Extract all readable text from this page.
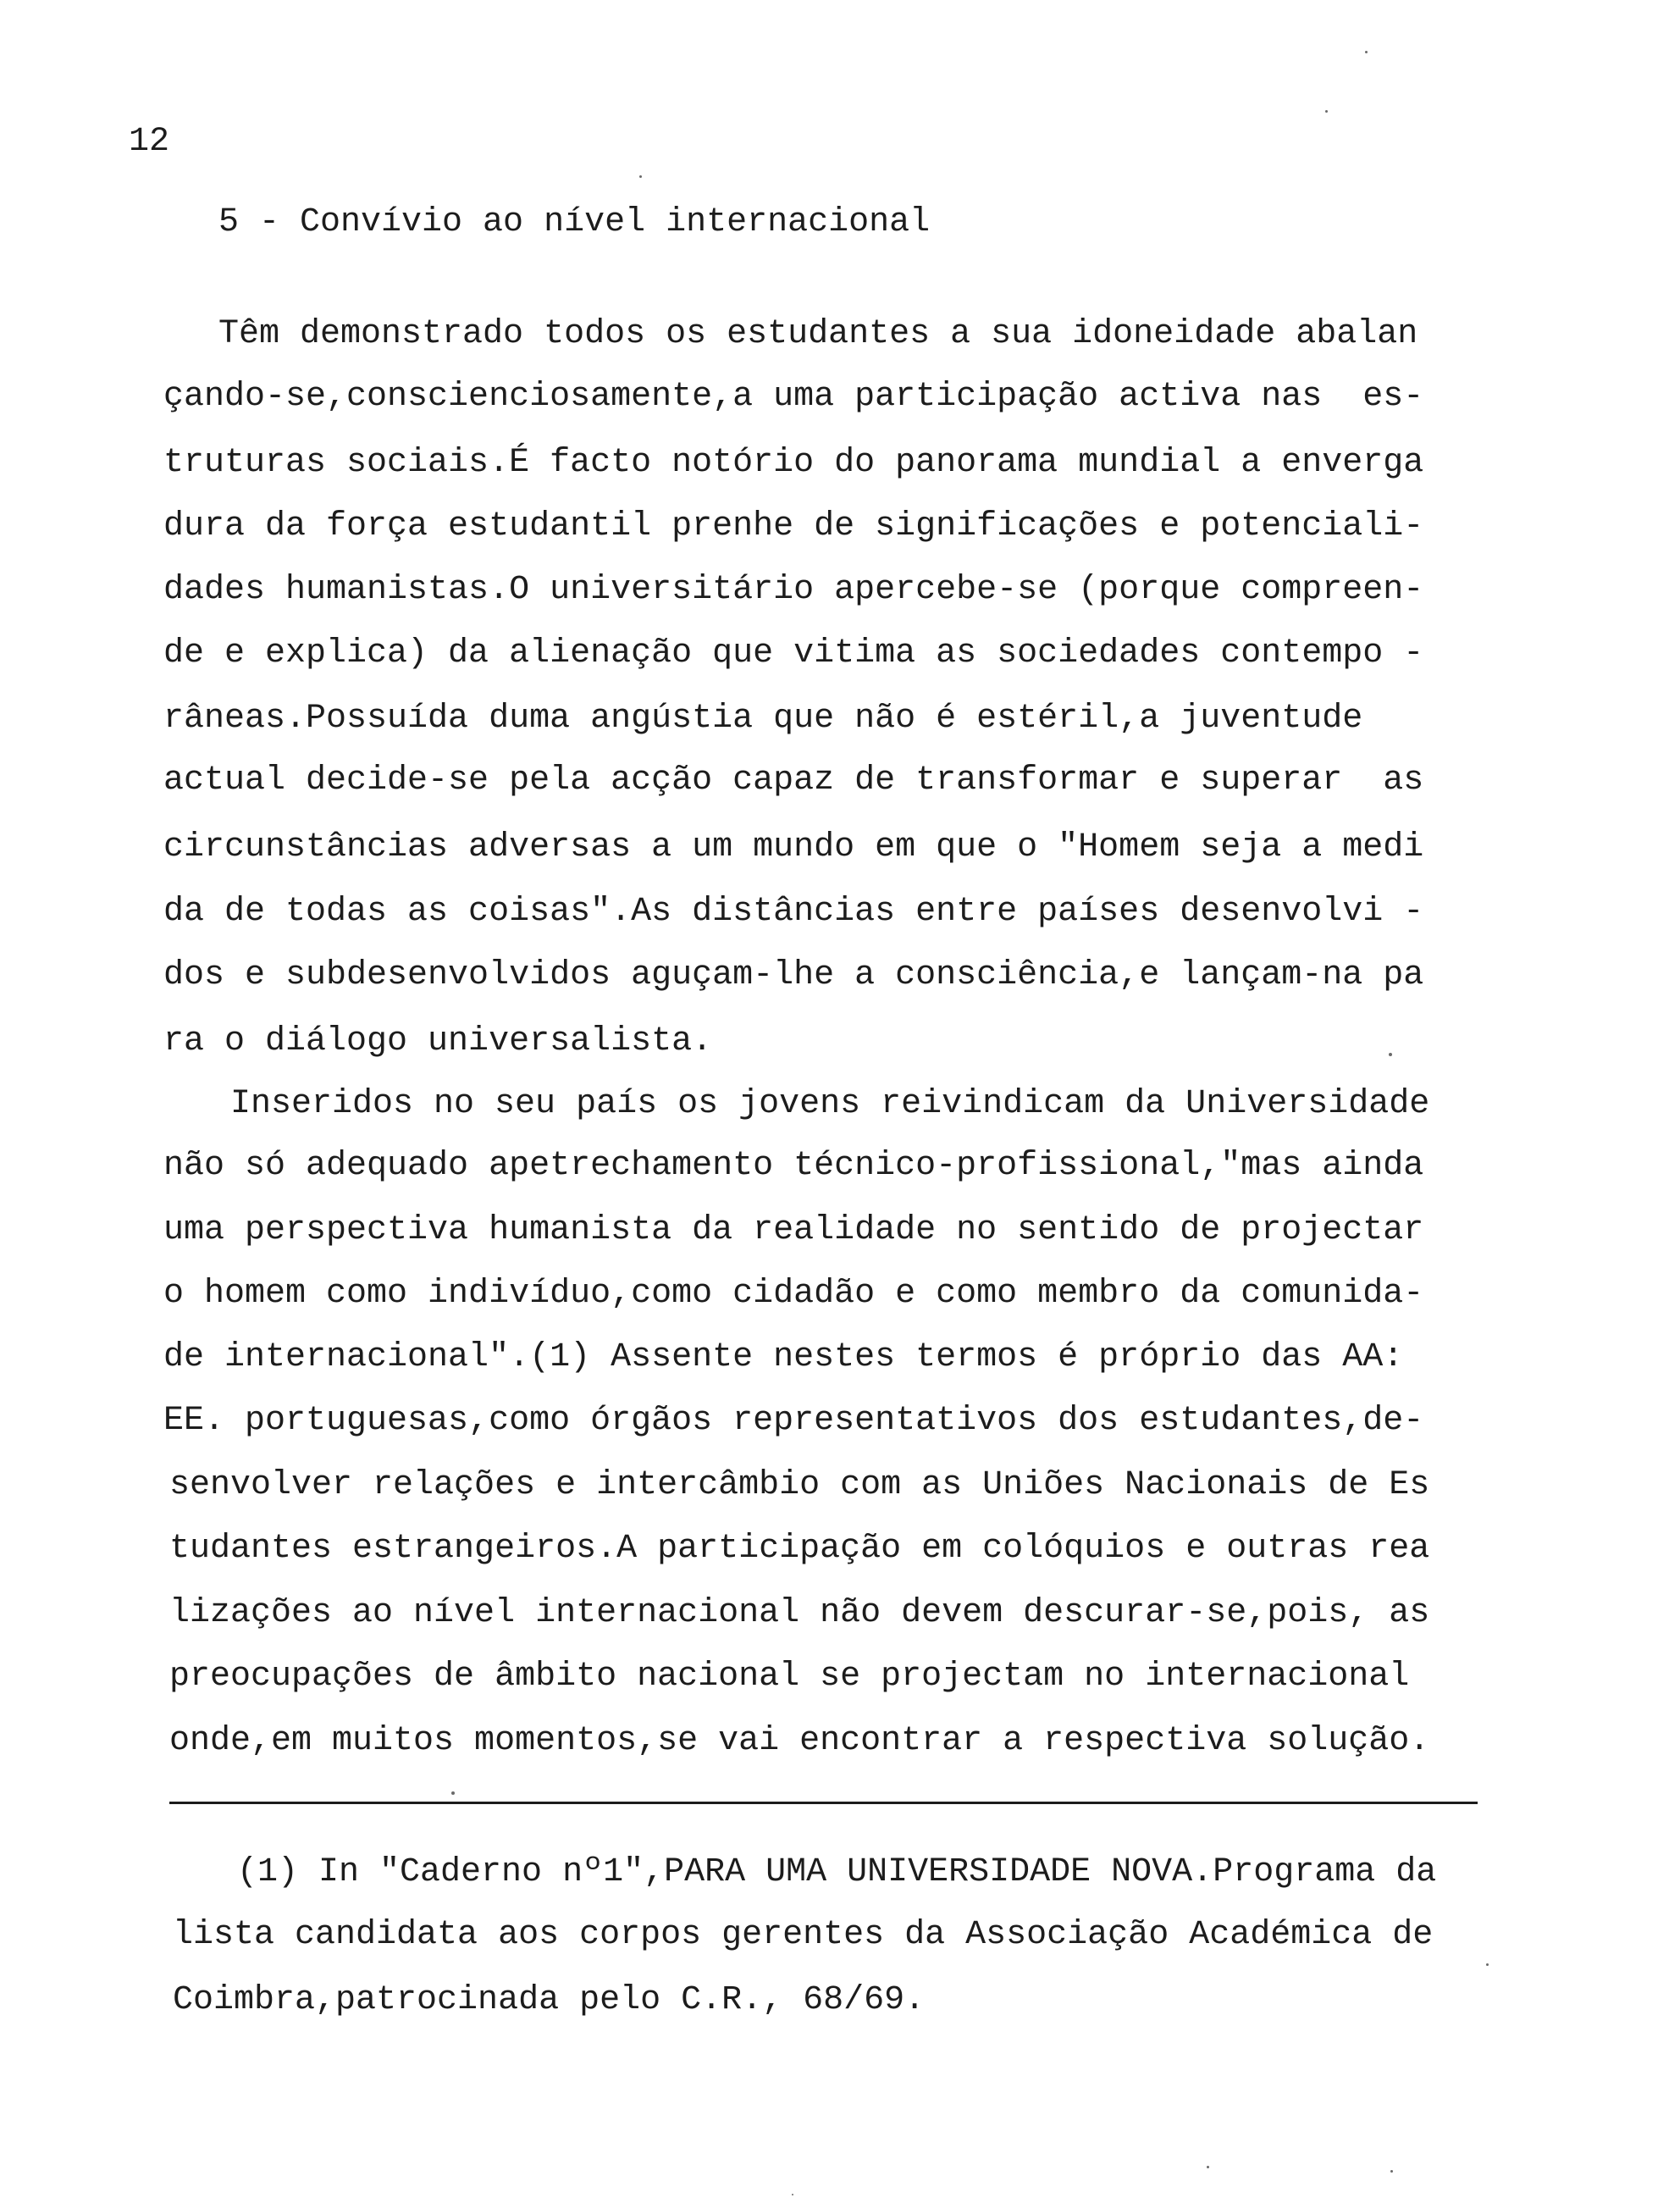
12
5 - Convívio ao nível internacional
Têm demonstrado todos os estudantes a sua idoneidade abalan
çando-se,conscienciosamente,a uma participação activa nas  es-
truturas sociais.É facto notório do panorama mundial a enverga
dura da força estudantil prenhe de significações e potenciali-
dades humanistas.O universitário apercebe-se (porque compreen-
de e explica) da alienação que vitima as sociedades contempo -
râneas.Possuída duma angústia que não é estéril,a juventude
actual decide-se pela acção capaz de transformar e superar  as
circunstâncias adversas a um mundo em que o "Homem seja a medi
da de todas as coisas".As distâncias entre países desenvolvi -
dos e subdesenvolvidos aguçam-lhe a consciência,e lançam-na pa
ra o diálogo universalista.
Inseridos no seu país os jovens reivindicam da Universidade
não só adequado apetrechamento técnico-profissional,"mas ainda
uma perspectiva humanista da realidade no sentido de projectar
o homem como indivíduo,como cidadão e como membro da comunida-
de internacional".(1) Assente nestes termos é próprio das AA:
EE. portuguesas,como órgãos representativos dos estudantes,de-
senvolver relações e intercâmbio com as Uniões Nacionais de Es
tudantes estrangeiros.A participação em colóquios e outras rea
lizações ao nível internacional não devem descurar-se,pois, as
preocupações de âmbito nacional se projectam no internacional
onde,em muitos momentos,se vai encontrar a respectiva solução.
(1) In "Caderno nº1",PARA UMA UNIVERSIDADE NOVA.Programa da
lista candidata aos corpos gerentes da Associação Académica de
Coimbra,patrocinada pelo C.R., 68/69.
